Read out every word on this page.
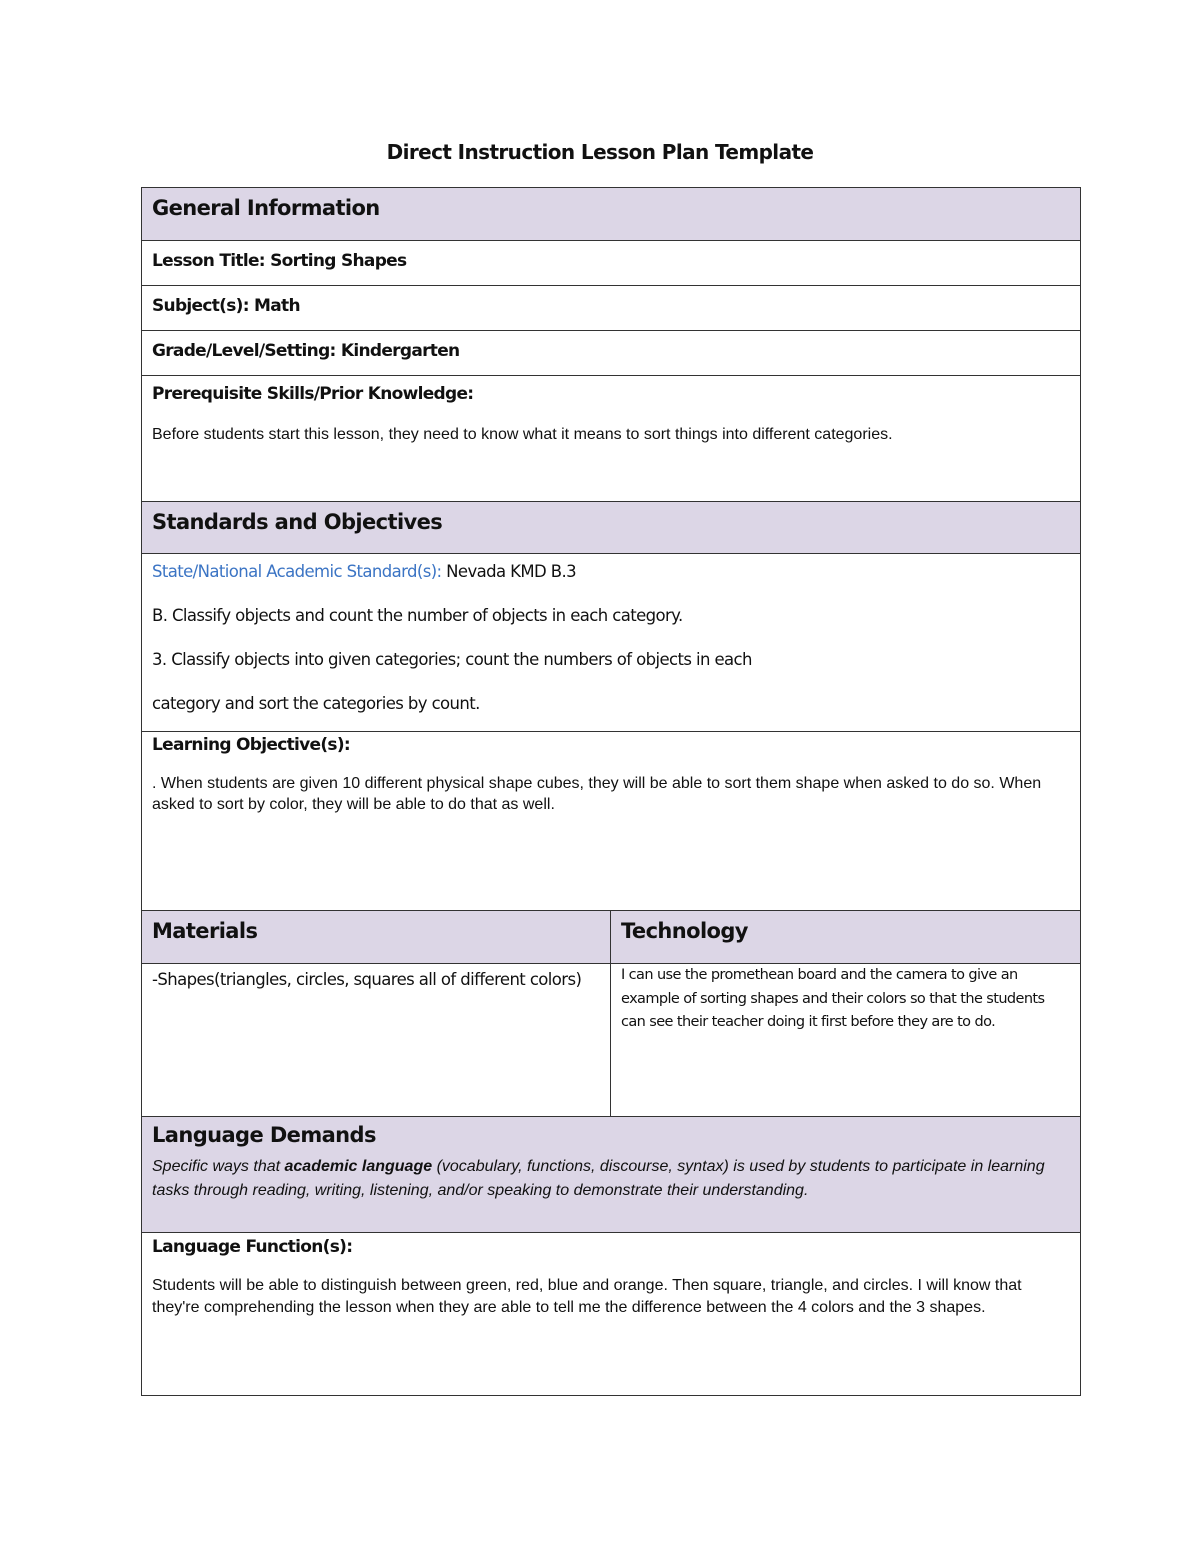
Direct Instruction Lesson Plan Template

General Information

Lesson Title: Sorting Shapes

Subject(s): Math

Grade/Level/Setting: Kindergarten

Prerequisite Skills/Prior Knowledge:

Before students start this lesson, they need to know what it means to sort things into different categories.

Standards and Objectives

State/National Academic Standard(s): Nevada KMD B.3

B. Classify objects and count the number of objects in each category.

3. Classify objects into given categories; count the numbers of objects in each

category and sort the categories by count.

Learning Objective(s):

. When students are given 10 different physical shape cubes, they will be able to sort them shape when asked to do so. When asked to sort by color, they will be able to do that as well.

Materials	Technology

-Shapes(triangles, circles, squares all of different colors)	I can use the promethean board and the camera to give an example of sorting shapes and their colors so that the students can see their teacher doing it first before they are to do.

Language Demands

Specific ways that academic language (vocabulary, functions, discourse, syntax) is used by students to participate in learning tasks through reading, writing, listening, and/or speaking to demonstrate their understanding.

Language Function(s):

Students will be able to distinguish between green, red, blue and orange. Then square, triangle, and circles. I will know that they're comprehending the lesson when they are able to tell me the difference between the 4 colors and the 3 shapes.
